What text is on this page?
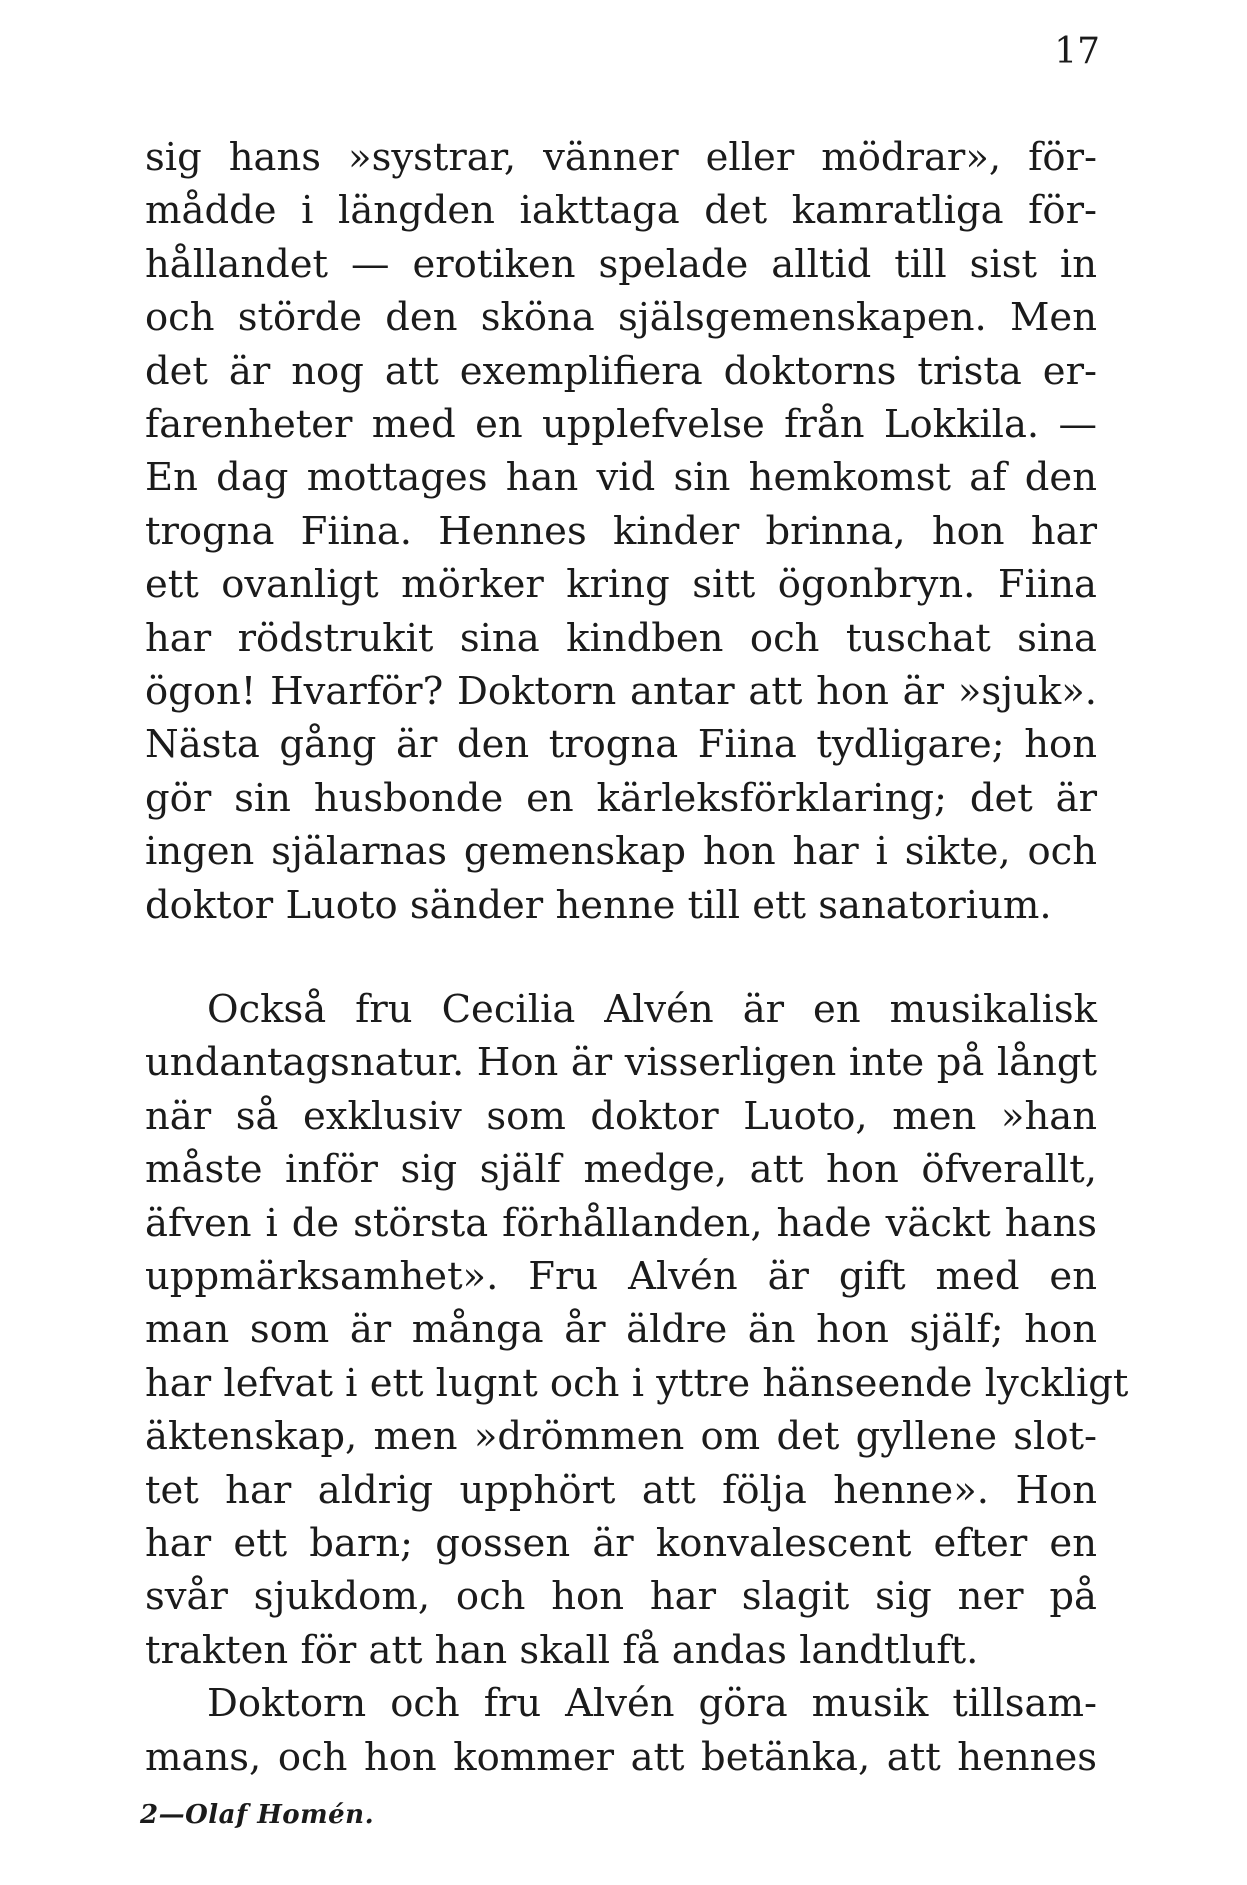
17
sig hans »systrar, vänner eller mödrar», för-
mådde i längden iakttaga det kamratliga för-
hållandet — erotiken spelade alltid till sist in
och störde den sköna själsgemenskapen. Men
det är nog att exemplifiera doktorns trista er-
farenheter med en upplefvelse från Lokkila. —
En dag mottages han vid sin hemkomst af den
trogna Fiina. Hennes kinder brinna, hon har
ett ovanligt mörker kring sitt ögonbryn. Fiina
har rödstrukit sina kindben och tuschat sina
ögon! Hvarför? Doktorn antar att hon är »sjuk».
Nästa gång är den trogna Fiina tydligare; hon
gör sin husbonde en kärleksförklaring; det är
ingen själarnas gemenskap hon har i sikte, och
doktor Luoto sänder henne till ett sanatorium.
Också fru Cecilia Alvén är en musikalisk
undantagsnatur. Hon är visserligen inte på långt
när så exklusiv som doktor Luoto, men »han
måste inför sig själf medge, att hon öfverallt,
äfven i de största förhållanden, hade väckt hans
uppmärksamhet». Fru Alvén är gift med en
man som är många år äldre än hon själf; hon
har lefvat i ett lugnt och i yttre hänseende lyckligt
äktenskap, men »drömmen om det gyllene slot-
tet har aldrig upphört att följa henne». Hon
har ett barn; gossen är konvalescent efter en
svår sjukdom, och hon har slagit sig ner på
trakten för att han skall få andas landtluft.
Doktorn och fru Alvén göra musik tillsam-
mans, och hon kommer att betänka, att hennes
2—Olaf Homén.
